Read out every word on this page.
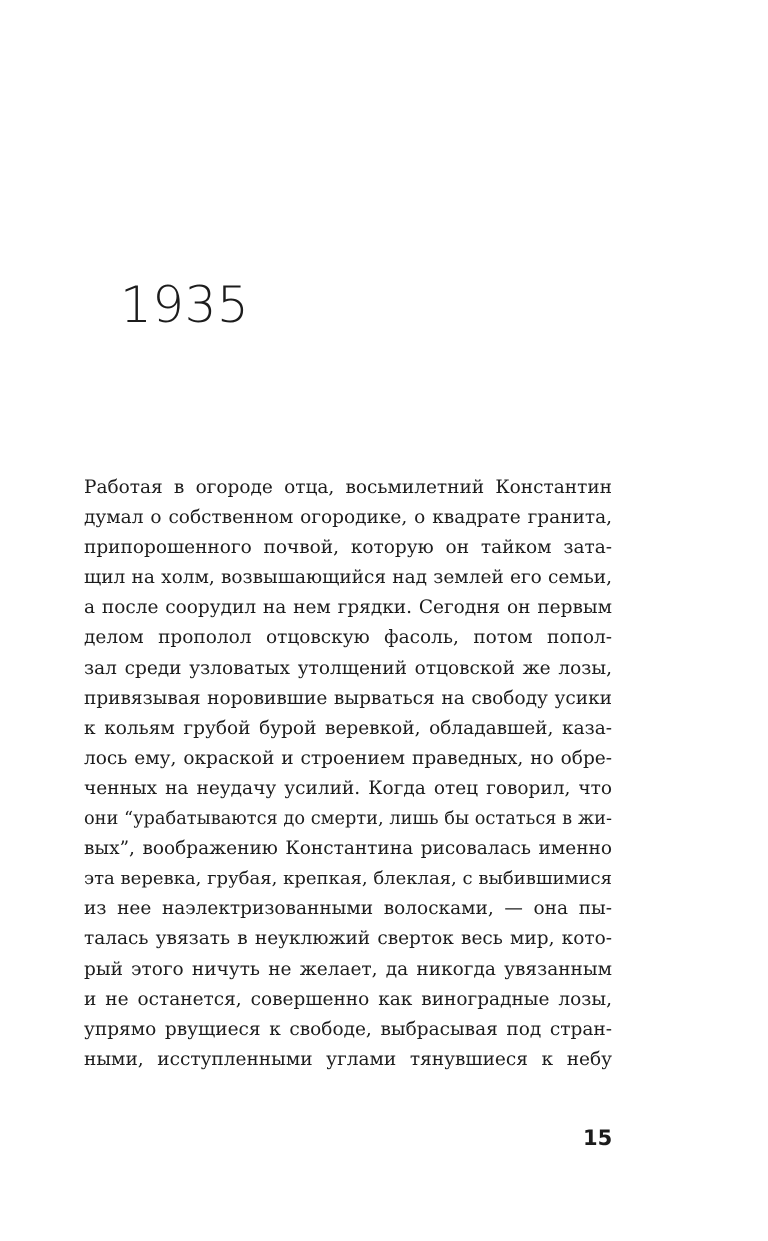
1935
Работая в огороде отца, восьмилетний Константин
думал о собственном огородике, о квадрате гранита,
припорошенного почвой, которую он тайком зата-
щил на холм, возвышающийся над землей его семьи,
а после соорудил на нем грядки. Сегодня он первым
делом прополол отцовскую фасоль, потом попол-
зал среди узловатых утолщений отцовской же лозы,
привязывая норовившие вырваться на свободу усики
к кольям грубой бурой веревкой, обладавшей, каза-
лось ему, окраской и строением праведных, но обре-
ченных на неудачу усилий. Когда отец говорил, что
они “урабатываются до смерти, лишь бы остаться в жи-
вых”, воображению Константина рисовалась именно
эта веревка, грубая, крепкая, блеклая, с выбившимися
из нее наэлектризованными волосками, — она пы-
талась увязать в неуклюжий сверток весь мир, кото-
рый этого ничуть не желает, да никогда увязанным
и не останется, совершенно как виноградные лозы,
упрямо рвущиеся к свободе, выбрасывая под стран-
ными, исступленными углами тянувшиеся к небу
15
